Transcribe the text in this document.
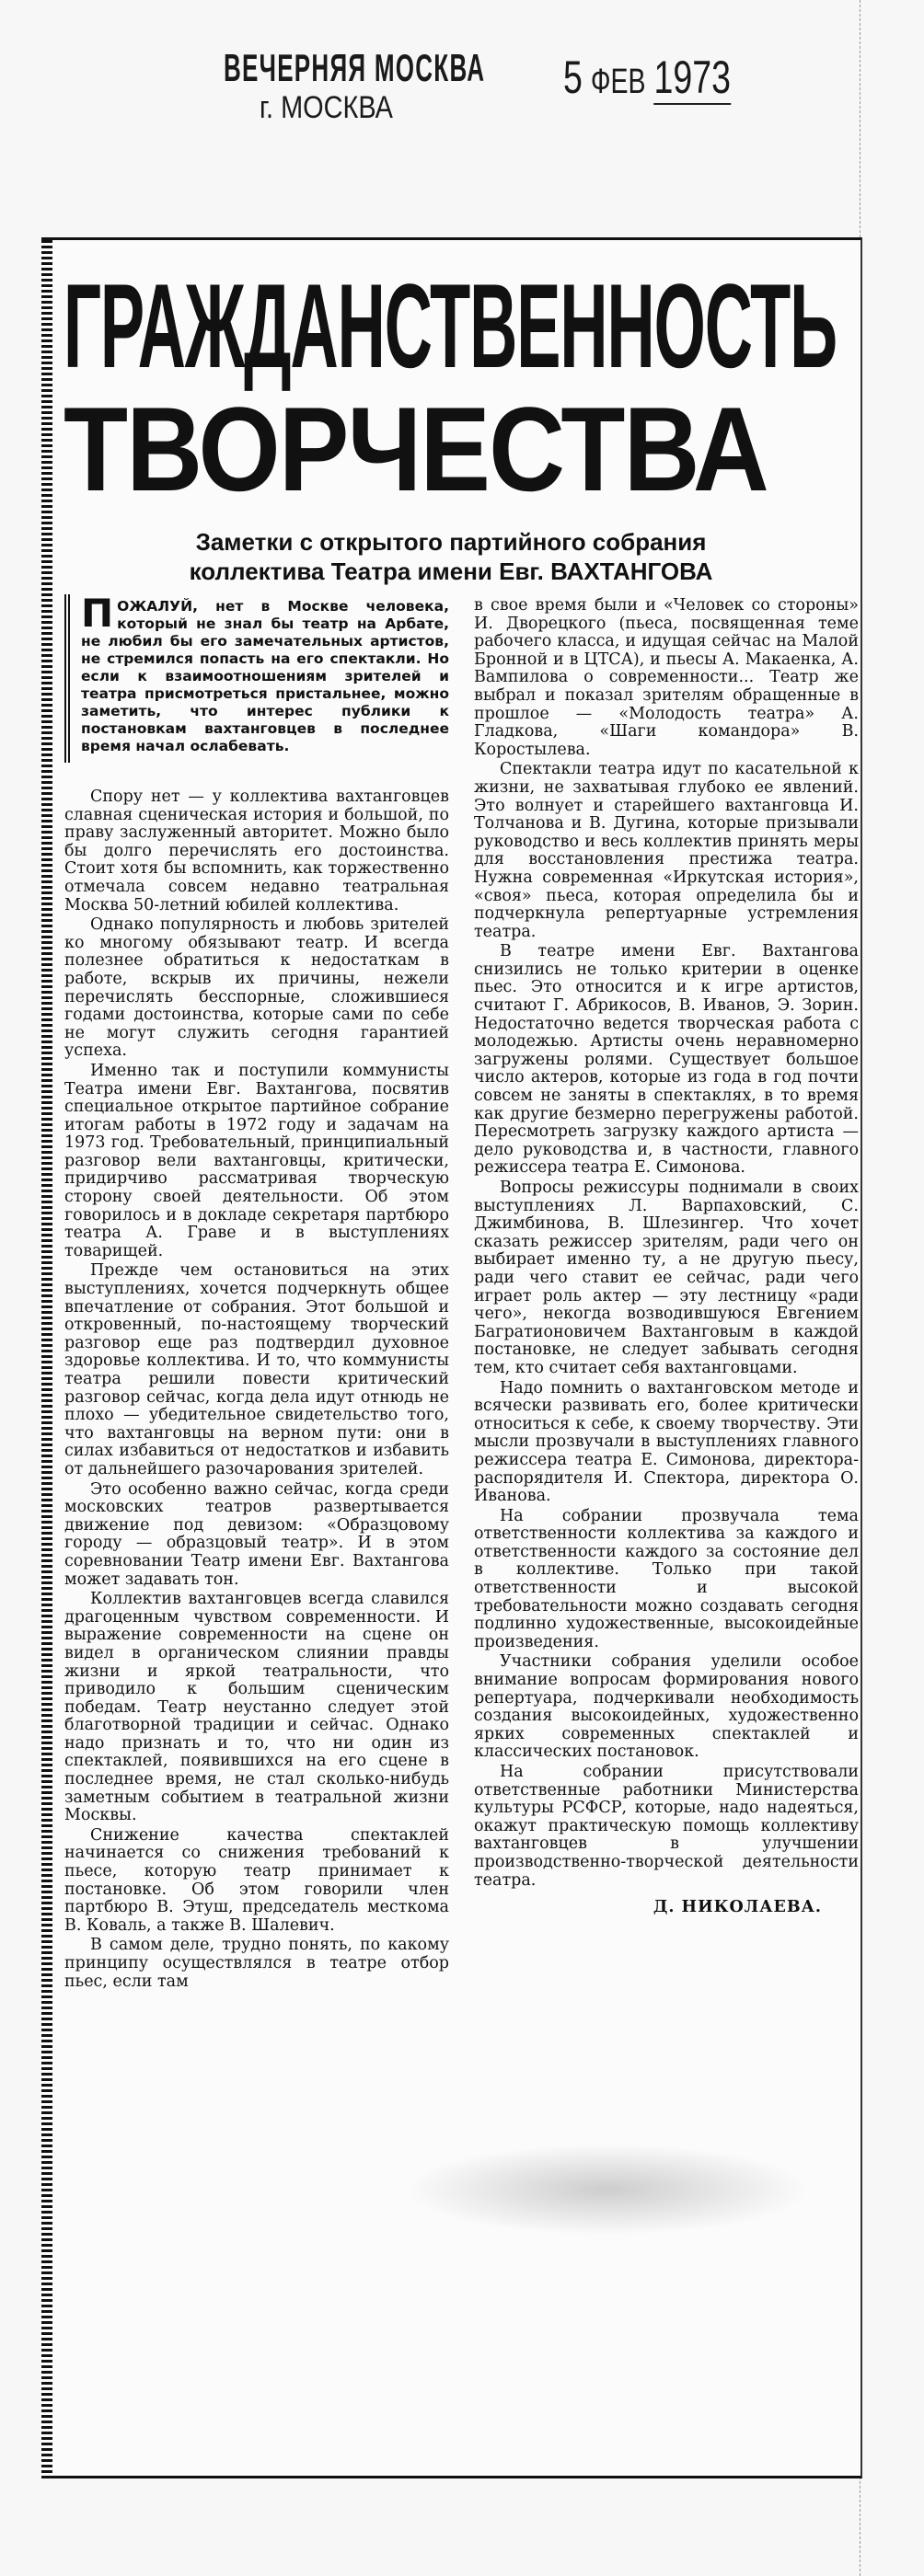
ВЕЧЕРНЯЯ МОСКВА
г. МОСКВА
5 ФЕВ 1973
ГРАЖДАНСТВЕННОСТЬ
ТВОРЧЕСТВА
Заметки с открытого партийного собрания
коллектива Театра имени Евг. ВАХТАНГОВА
ПОЖАЛУЙ, нет в Москве человека, который не знал бы театр на Арбате, не любил бы его замечательных артистов, не стремился попасть на его спектакли. Но если к взаимоотношениям зрителей и театра присмотреться пристальнее, можно заметить, что интерес публики к постановкам вахтанговцев в последнее время начал ослабевать.

Спору нет — у коллектива вахтанговцев славная сценическая история и большой, по праву заслуженный авторитет. Можно было бы долго перечислять его достоинства. Стоит хотя бы вспомнить, как торжественно отмечала совсем недавно театральная Москва 50-летний юбилей коллектива.

Однако популярность и любовь зрителей ко многому обязывают театр. И всегда полезнее обратиться к недостаткам в работе, вскрыв их причины, нежели перечислять бесспорные, сложившиеся годами достоинства, которые сами по себе не могут служить сегодня гарантией успеха.

Именно так и поступили коммунисты Театра имени Евг. Вахтангова, посвятив специальное открытое партийное собрание итогам работы в 1972 году и задачам на 1973 год. Требовательный, принципиальный разговор вели вахтанговцы, критически, придирчиво рассматривая творческую сторону своей деятельности. Об этом говорилось и в докладе секретаря партбюро театра А. Граве и в выступлениях товарищей.

Прежде чем остановиться на этих выступлениях, хочется подчеркнуть общее впечатление от собрания. Этот большой и откровенный, по-настоящему творческий разговор еще раз подтвердил духовное здоровье коллектива. И то, что коммунисты театра решили повести критический разговор сейчас, когда дела идут отнюдь не плохо — убедительное свидетельство того, что вахтанговцы на верном пути: они в силах избавиться от недостатков и избавить от дальнейшего разочарования зрителей.

Это особенно важно сейчас, когда среди московских театров развертывается движение под девизом: «Образцовому городу — образцовый театр». И в этом соревновании Театр имени Евг. Вахтангова может задавать тон.

Коллектив вахтанговцев всегда славился драгоценным чувством современности. И выражение современности на сцене он видел в органическом слиянии правды жизни и яркой театральности, что приводило к большим сценическим победам. Театр неустанно следует этой благотворной традиции и сейчас. Однако надо признать и то, что ни один из спектаклей, появившихся на его сцене в последнее время, не стал сколько-нибудь заметным событием в театральной жизни Москвы.

Снижение качества спектаклей начинается со снижения требований к пьесе, которую театр принимает к постановке. Об этом говорили член партбюро В. Этуш, председатель месткома В. Коваль, а также В. Шалевич.

В самом деле, трудно понять, по какому принципу осуществлялся в театре отбор пьес, если там

в свое время были и «Человек со стороны» И. Дворецкого (пьеса, посвященная теме рабочего класса, и идущая сейчас на Малой Бронной и в ЦТСА), и пьесы А. Макаенка, А. Вампилова о современности... Театр же выбрал и показал зрителям обращенные в прошлое — «Молодость театра» А. Гладкова, «Шаги командора» В. Коростылева.

Спектакли театра идут по касательной к жизни, не захватывая глубоко ее явлений. Это волнует и старейшего вахтанговца И. Толчанова и В. Дугина, которые призывали руководство и весь коллектив принять меры для восстановления престижа театра. Нужна современная «Иркутская история», «своя» пьеса, которая определила бы и подчеркнула репертуарные устремления театра.

В театре имени Евг. Вахтангова снизились не только критерии в оценке пьес. Это относится и к игре артистов, считают Г. Абрикосов, В. Иванов, Э. Зорин. Недостаточно ведется творческая работа с молодежью. Артисты очень неравномерно загружены ролями. Существует большое число актеров, которые из года в год почти совсем не заняты в спектаклях, в то время как другие безмерно перегружены работой. Пересмотреть загрузку каждого артиста — дело руководства и, в частности, главного режиссера театра Е. Симонова.

Вопросы режиссуры поднимали в своих выступлениях Л. Варпаховский, С. Джимбинова, В. Шлезингер. Что хочет сказать режиссер зрителям, ради чего он выбирает именно ту, а не другую пьесу, ради чего ставит ее сейчас, ради чего играет роль актер — эту лестницу «ради чего», некогда возводившуюся Евгением Багратионовичем Вахтанговым в каждой постановке, не следует забывать сегодня тем, кто считает себя вахтанговцами.

Надо помнить о вахтанговском методе и всячески развивать его, более критически относиться к себе, к своему творчеству. Эти мысли прозвучали в выступлениях главного режиссера театра Е. Симонова, директора-распорядителя И. Спектора, директора О. Иванова.

На собрании прозвучала тема ответственности коллектива за каждого и ответственности каждого за состояние дел в коллективе. Только при такой ответственности и высокой требовательности можно создавать сегодня подлинно художественные, высокоидейные произведения.

Участники собрания уделили особое внимание вопросам формирования нового репертуара, подчеркивали необходимость создания высокоидейных, художественно ярких современных спектаклей и классических постановок.

На собрании присутствовали ответственные работники Министерства культуры РСФСР, которые, надо надеяться, окажут практическую помощь коллективу вахтанговцев в улучшении производственно-творческой деятельности театра.

Д. НИКОЛАЕВА.
